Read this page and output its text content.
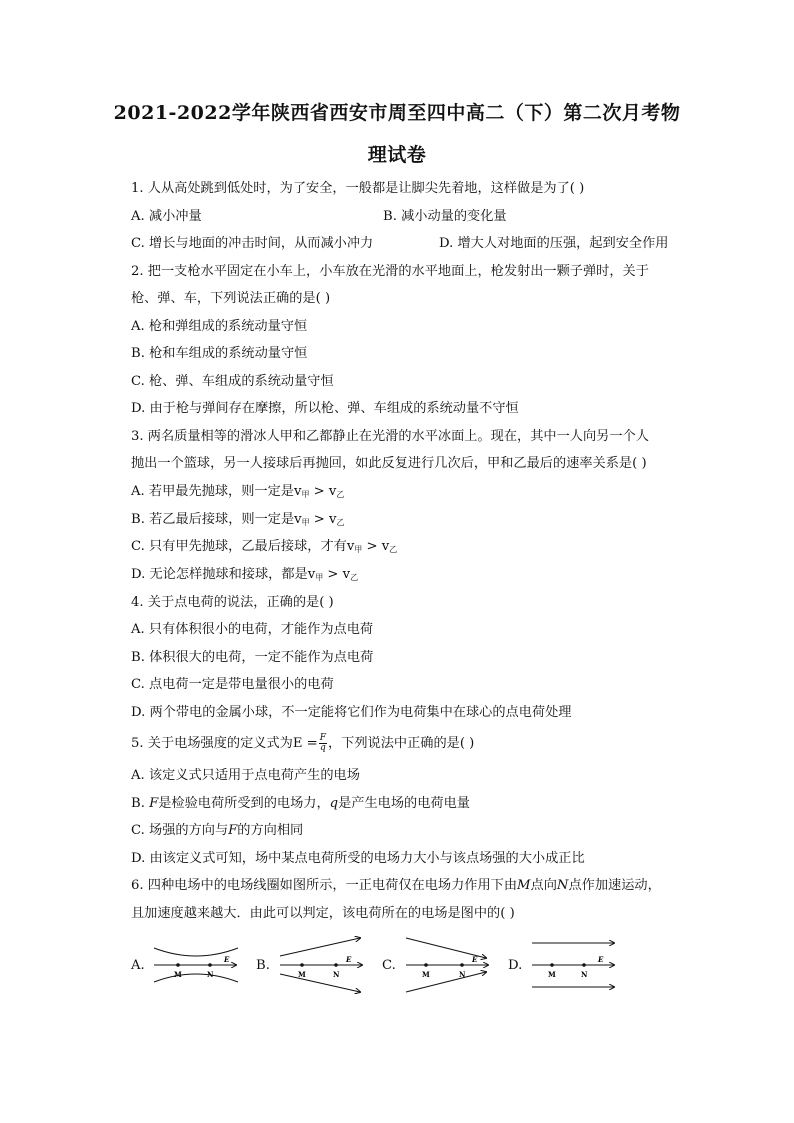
2021-2022学年陕西省西安市周至四中高二（下）第二次月考物
理试卷
1. 人从高处跳到低处时，为了安全，一般都是让脚尖先着地，这样做是为了( )
A. 减小冲量	B. 减小动量的变化量
C. 增长与地面的冲击时间，从而减小冲力	D. 增大人对地面的压强，起到安全作用
2. 把一支枪水平固定在小车上，小车放在光滑的水平地面上，枪发射出一颗子弹时，关于
枪、弹、车，下列说法正确的是( )
A. 枪和弹组成的系统动量守恒
B. 枪和车组成的系统动量守恒
C. 枪、弹、车组成的系统动量守恒
D. 由于枪与弹间存在摩擦，所以枪、弹、车组成的系统动量不守恒
3. 两名质量相等的滑冰人甲和乙都静止在光滑的水平冰面上。现在，其中一人向另一个人
抛出一个篮球，另一人接球后再抛回，如此反复进行几次后，甲和乙最后的速率关系是( )
A. 若甲最先抛球，则一定是$v_甲 > v_乙$
B. 若乙最后接球，则一定是$v_甲 > v_乙$
C. 只有甲先抛球，乙最后接球，才有$v_甲 > v_乙$
D. 无论怎样抛球和接球，都是$v_甲 > v_乙$
4. 关于点电荷的说法，正确的是( )
A. 只有体积很小的电荷，才能作为点电荷
B. 体积很大的电荷，一定不能作为点电荷
C. 点电荷一定是带电量很小的电荷
D. 两个带电的金属小球，不一定能将它们作为电荷集中在球心的点电荷处理
5. 关于电场强度的定义式为$E = \frac{F}{q}$ ，下列说法中正确的是( )
A. 该定义式只适用于点电荷产生的电场
B. F是检验电荷所受到的电场力，q是产生电场的电荷电量
C. 场强的方向与F的方向相同
D. 由该定义式可知，场中某点电荷所受的电场力大小与该点场强的大小成正比
6. 四种电场中的电场线圈如图所示，一正电荷仅在电场力作用下由M点向N点作加速运动，
且加速度越来越大．由此可以判定，该电荷所在的电场是图中的( )
A.	B.	C.	D.
M	N
E
M	N
E
M	N
E
M	N
E
